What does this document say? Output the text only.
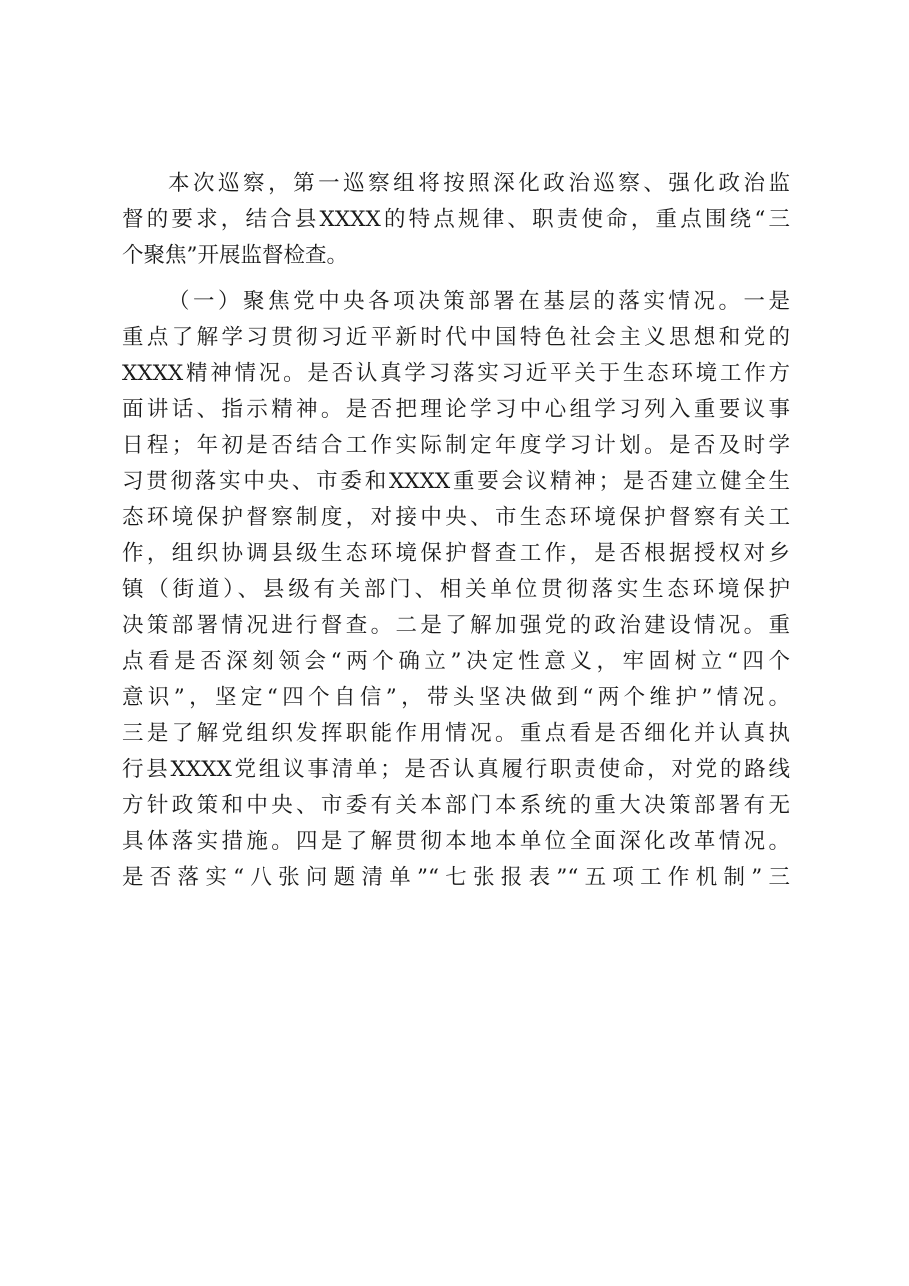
本次巡察，第一巡察组将按照深化政治巡察、强化政治监
督的要求，结合县XXXX的特点规律、职责使命，重点围绕“三
个聚焦”开展监督检查。
（一）聚焦党中央各项决策部署在基层的落实情况。一是
重点了解学习贯彻习近平新时代中国特色社会主义思想和党的
XXXX精神情况。是否认真学习落实习近平关于生态环境工作方
面讲话、指示精神。是否把理论学习中心组学习列入重要议事
日程；年初是否结合工作实际制定年度学习计划。是否及时学
习贯彻落实中央、市委和XXXX重要会议精神；是否建立健全生
态环境保护督察制度，对接中央、市生态环境保护督察有关工
作，组织协调县级生态环境保护督查工作，是否根据授权对乡
镇（街道）、县级有关部门、相关单位贯彻落实生态环境保护
决策部署情况进行督查。二是了解加强党的政治建设情况。重
点看是否深刻领会“两个确立”决定性意义，牢固树立“四个
意识”，坚定“四个自信”，带头坚决做到“两个维护”情况。
三是了解党组织发挥职能作用情况。重点看是否细化并认真执
行县XXXX党组议事清单；是否认真履行职责使命，对党的路线
方针政策和中央、市委有关本部门本系统的重大决策部署有无
具体落实措施。四是了解贯彻本地本单位全面深化改革情况。
是否落实“八张问题清单”“七张报表”“五项工作机制”三
